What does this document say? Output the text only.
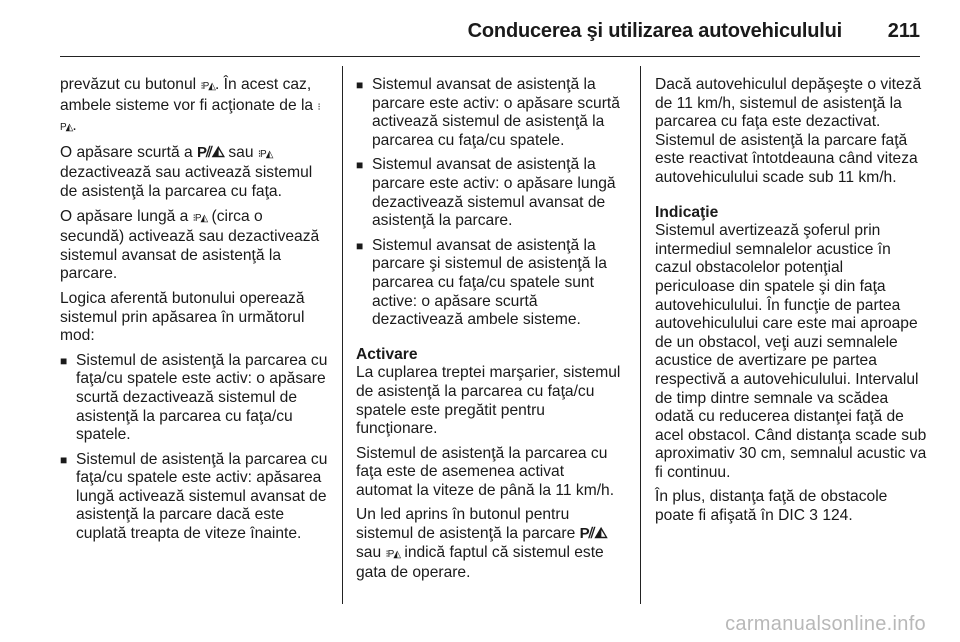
Conducerea şi utilizarea autovehiculului 211

prevăzut cu butonul ⁝P◭. În acest caz, ambele sisteme vor fi acţionate de la ⁝P◭.

O apăsare scurtă a P⫽◭ sau ⁝P◭ dezactivează sau activează sistemul de asistenţă la parcarea cu faţa.

O apăsare lungă a ⁝P◭ (circa o secundă) activează sau dezactivează sistemul avansat de asistenţă la parcare.

Logica aferentă butonului operează sistemul prin apăsarea în următorul mod:

■ Sistemul de asistenţă la parcarea cu faţa/cu spatele este activ: o apăsare scurtă dezactivează sistemul de asistenţă la parcarea cu faţa/cu spatele.
■ Sistemul de asistenţă la parcarea cu faţa/cu spatele este activ: apăsarea lungă activează sistemul avansat de asistenţă la parcare dacă este cuplată treapta de viteze înainte.
■ Sistemul avansat de asistenţă la parcare este activ: o apăsare scurtă activează sistemul de asistenţă la parcarea cu faţa/cu spatele.
■ Sistemul avansat de asistenţă la parcare este activ: o apăsare lungă dezactivează sistemul avansat de asistenţă la parcare.
■ Sistemul avansat de asistenţă la parcare şi sistemul de asistenţă la parcarea cu faţa/cu spatele sunt active: o apăsare scurtă dezactivează ambele sisteme.

Activare

La cuplarea treptei marşarier, sistemul de asistenţă la parcarea cu faţa/cu spatele este pregătit pentru funcţionare.

Sistemul de asistenţă la parcarea cu faţa este de asemenea activat automat la viteze de până la 11 km/h.

Un led aprins în butonul pentru sistemul de asistenţă la parcare P⫽◭ sau ⁝P◭ indică faptul că sistemul este gata de operare.

Dacă autovehiculul depăşeşte o viteză de 11 km/h, sistemul de asistenţă la parcarea cu faţa este dezactivat. Sistemul de asistenţă la parcare faţă este reactivat întotdeauna când viteza autovehiculului scade sub 11 km/h.

Indicaţie

Sistemul avertizează şoferul prin intermediul semnalelor acustice în cazul obstacolelor potenţial periculoase din spatele şi din faţa autovehiculului. În funcţie de partea autovehiculului care este mai aproape de un obstacol, veţi auzi semnalele acustice de avertizare pe partea respectivă a autovehiculului. Intervalul de timp dintre semnale va scădea odată cu reducerea distanţei faţă de acel obstacol. Când distanţa scade sub aproximativ 30 cm, semnalul acustic va fi continuu.

În plus, distanţa faţă de obstacole poate fi afişată în DIC 3 124.

carmanualsonline.info
